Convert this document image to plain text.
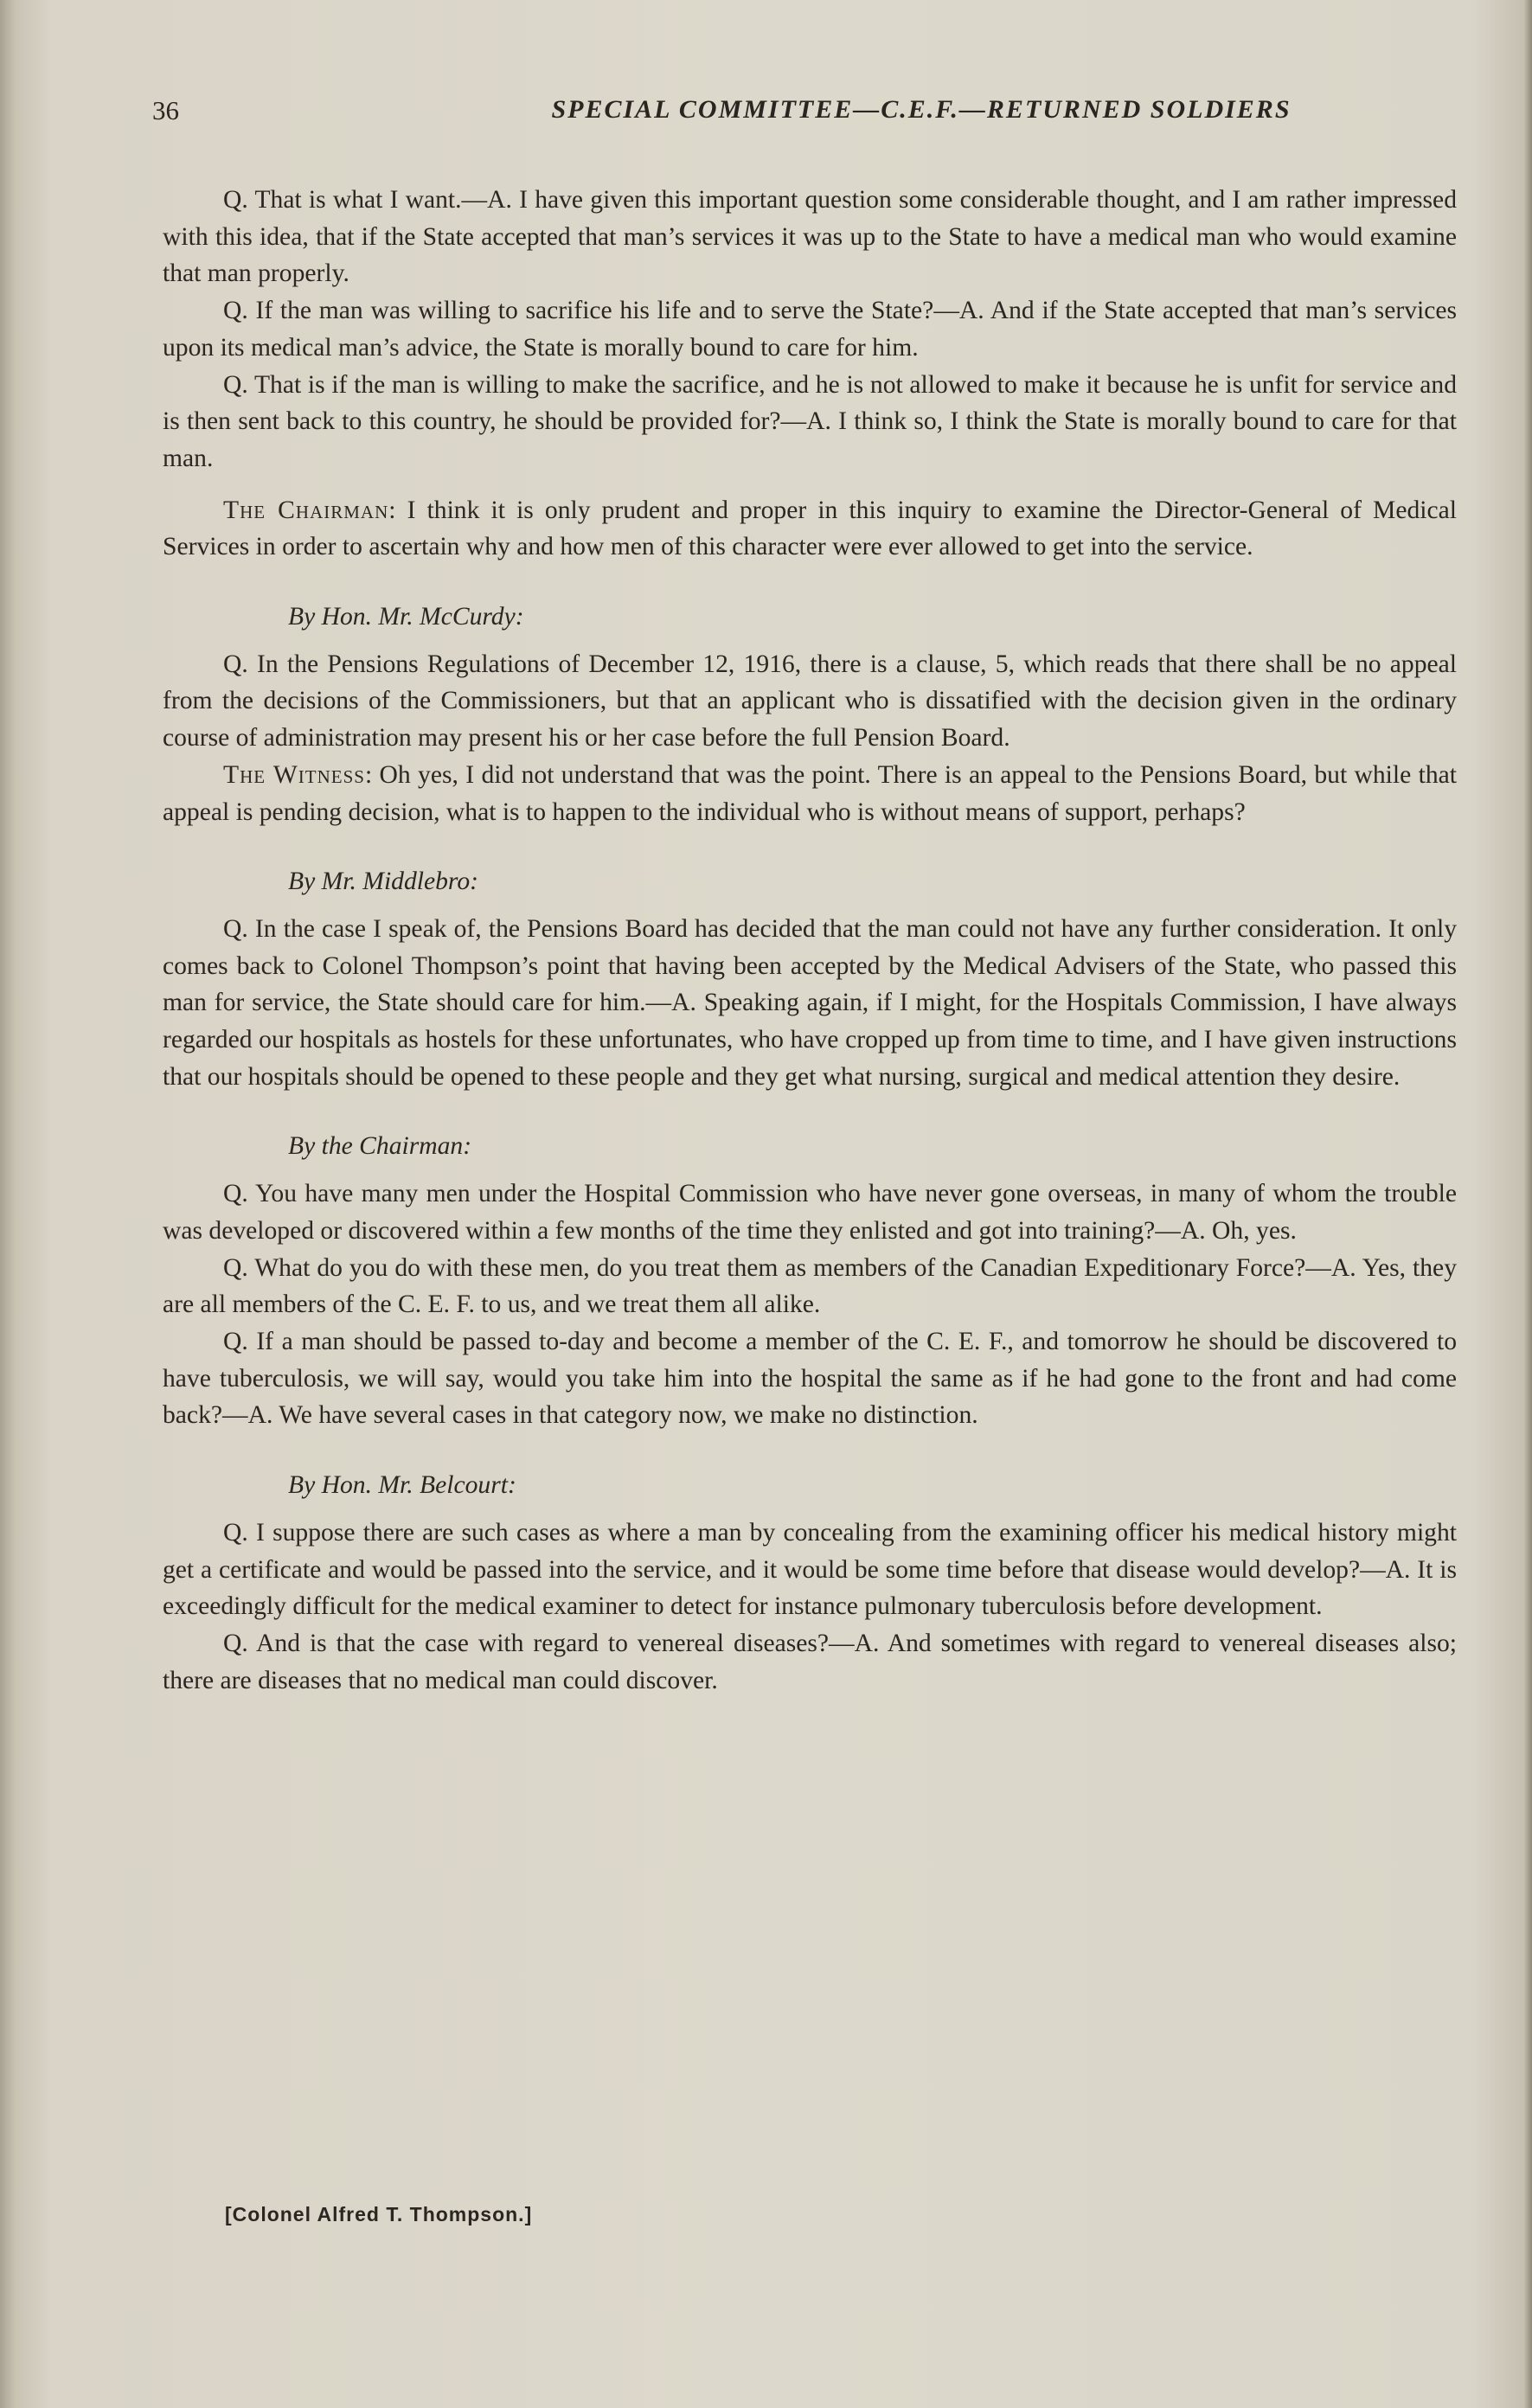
36	SPECIAL COMMITTEE—C.E.F.—RETURNED SOLDIERS

Q. That is what I want.—A. I have given this important question some considerable thought, and I am rather impressed with this idea, that if the State accepted that man’s services it was up to the State to have a medical man who would examine that man properly.

Q. If the man was willing to sacrifice his life and to serve the State?—A. And if the State accepted that man’s services upon its medical man’s advice, the State is morally bound to care for him.

Q. That is if the man is willing to make the sacrifice, and he is not allowed to make it because he is unfit for service and is then sent back to this country, he should be provided for?—A. I think so, I think the State is morally bound to care for that man.

The Chairman: I think it is only prudent and proper in this inquiry to examine the Director-General of Medical Services in order to ascertain why and how men of this character were ever allowed to get into the service.

By Hon. Mr. McCurdy:

Q. In the Pensions Regulations of December 12, 1916, there is a clause, 5, which reads that there shall be no appeal from the decisions of the Commissioners, but that an applicant who is dissatified with the decision given in the ordinary course of administration may present his or her case before the full Pension Board.

The Witness: Oh yes, I did not understand that was the point. There is an appeal to the Pensions Board, but while that appeal is pending decision, what is to happen to the individual who is without means of support, perhaps?

By Mr. Middlebro:

Q. In the case I speak of, the Pensions Board has decided that the man could not have any further consideration. It only comes back to Colonel Thompson’s point that having been accepted by the Medical Advisers of the State, who passed this man for service, the State should care for him.—A. Speaking again, if I might, for the Hospitals Commission, I have always regarded our hospitals as hostels for these unfortunates, who have cropped up from time to time, and I have given instructions that our hospitals should be opened to these people and they get what nursing, surgical and medical attention they desire.

By the Chairman:

Q. You have many men under the Hospital Commission who have never gone overseas, in many of whom the trouble was developed or discovered within a few months of the time they enlisted and got into training?—A. Oh, yes.

Q. What do you do with these men, do you treat them as members of the Canadian Expeditionary Force?—A. Yes, they are all members of the C. E. F. to us, and we treat them all alike.

Q. If a man should be passed to-day and become a member of the C. E. F., and tomorrow he should be discovered to have tuberculosis, we will say, would you take him into the hospital the same as if he had gone to the front and had come back?—A. We have several cases in that category now, we make no distinction.

By Hon. Mr. Belcourt:

Q. I suppose there are such cases as where a man by concealing from the examining officer his medical history might get a certificate and would be passed into the service, and it would be some time before that disease would develop?—A. It is exceedingly difficult for the medical examiner to detect for instance pulmonary tuberculosis before development.

Q. And is that the case with regard to venereal diseases?—A. And sometimes with regard to venereal diseases also; there are diseases that no medical man could discover.

[Colonel Alfred T. Thompson.]
